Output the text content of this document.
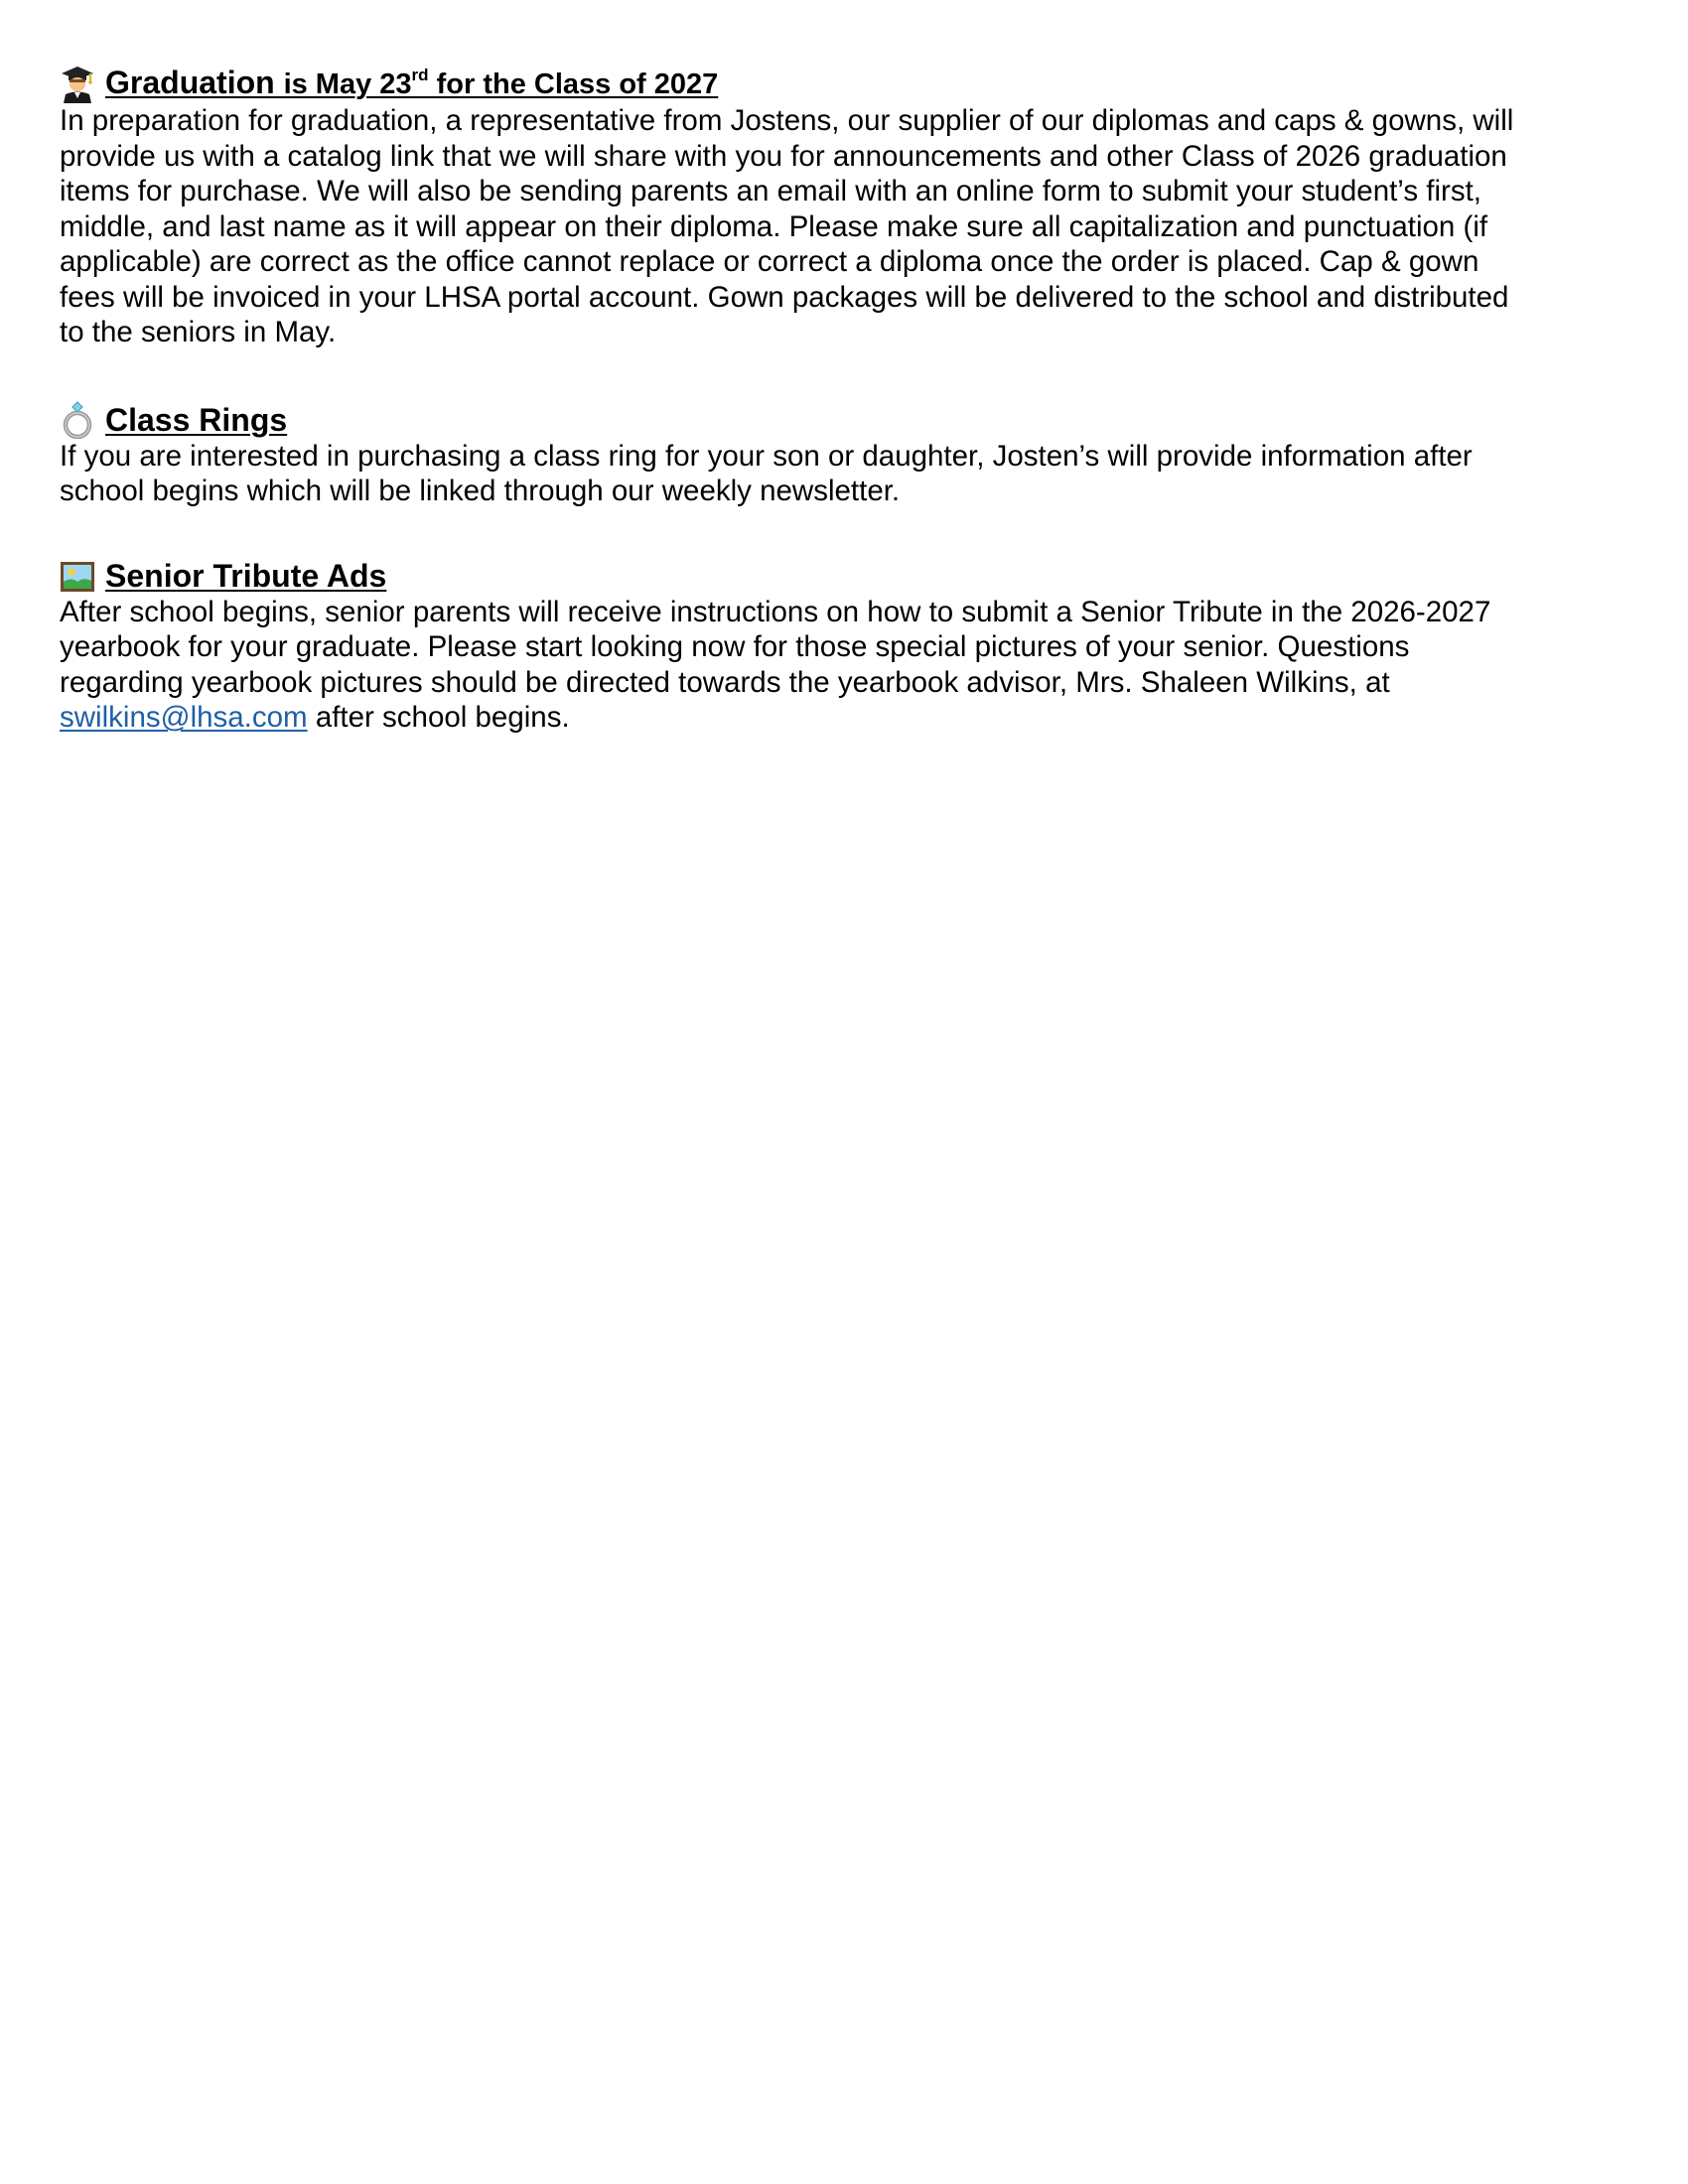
Graduation is May 23rd for the Class of 2027

In preparation for graduation, a representative from Jostens, our supplier of our diplomas and caps & gowns, will
provide us with a catalog link that we will share with you for announcements and other Class of 2026 graduation
items for purchase. We will also be sending parents an email with an online form to submit your student’s first,
middle, and last name as it will appear on their diploma. Please make sure all capitalization and punctuation (if
applicable) are correct as the office cannot replace or correct a diploma once the order is placed. Cap & gown
fees will be invoiced in your LHSA portal account. Gown packages will be delivered to the school and distributed
to the seniors in May.

Class Rings

If you are interested in purchasing a class ring for your son or daughter, Josten’s will provide information after
school begins which will be linked through our weekly newsletter.

Senior Tribute Ads

After school begins, senior parents will receive instructions on how to submit a Senior Tribute in the 2026-2027
yearbook for your graduate. Please start looking now for those special pictures of your senior. Questions
regarding yearbook pictures should be directed towards the yearbook advisor, Mrs. Shaleen Wilkins, at
swilkins@lhsa.com after school begins.
